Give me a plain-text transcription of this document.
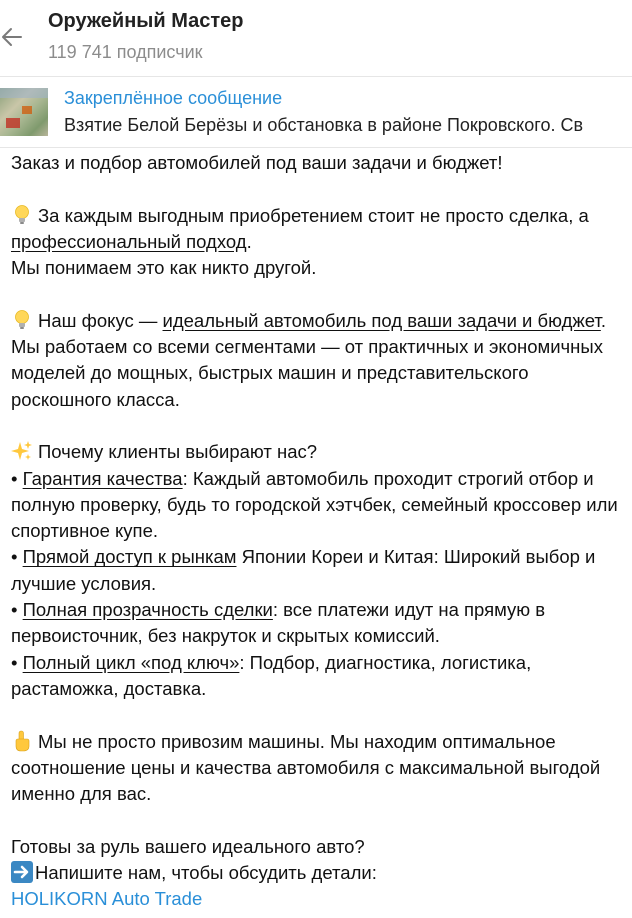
Оружейный Мастер
119 741 подписчик
Закреплённое сообщение
Взятие Белой Берёзы и обстановка в районе Покровского. Св

Заказ и подбор автомобилей под ваши задачи и бюджет!

За каждым выгодным приобретением стоит не просто сделка, а профессиональный подход.
Мы понимаем это как никто другой.

Наш фокус — идеальный автомобиль под ваши задачи и бюджет. Мы работаем со всеми сегментами — от практичных и экономичных моделей до мощных, быстрых машин и представительского роскошного класса.

Почему клиенты выбирают нас?
• Гарантия качества: Каждый автомобиль проходит строгий отбор и полную проверку, будь то городской хэтчбек, семейный кроссовер или спортивное купе.
• Прямой доступ к рынкам Японии Кореи и Китая: Широкий выбор и лучшие условия.
• Полная прозрачность сделки: все платежи идут на прямую в первоисточник, без накруток и скрытых комиссий.
• Полный цикл «под ключ»: Подбор, диагностика, логистика, растаможка, доставка.

Мы не просто привозим машины. Мы находим оптимальное соотношение цены и качества автомобиля с максимальной выгодой именно для вас.

Готовы за руль вашего идеального авто?
Напишите нам, чтобы обсудить детали:
HOLIKORN Auto Trade
